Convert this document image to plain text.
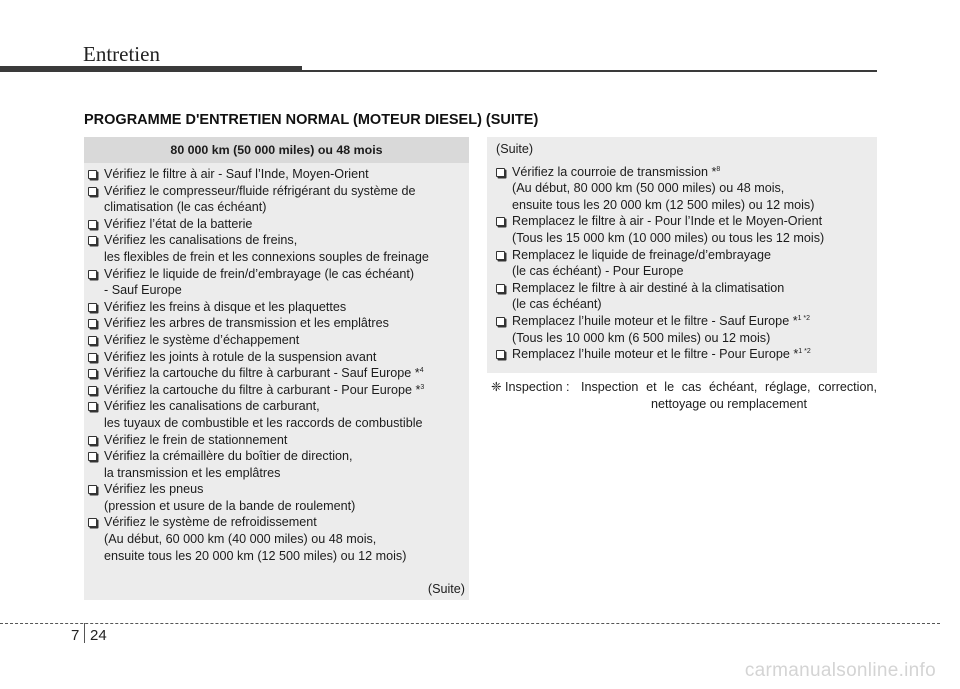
Entretien
PROGRAMME D'ENTRETIEN NORMAL (MOTEUR DIESEL) (SUITE)
80 000 km (50 000 miles) ou 48 mois
Vérifiez le filtre à air - Sauf l’Inde, Moyen-Orient
Vérifiez le compresseur/fluide réfrigérant du système de
climatisation (le cas échéant)
Vérifiez l’état de la batterie
Vérifiez les canalisations de freins,
les flexibles de frein et les connexions souples de freinage
Vérifiez le liquide de frein/d’embrayage (le cas échéant)
- Sauf Europe
Vérifiez les freins à disque et les plaquettes
Vérifiez les arbres de transmission et les emplâtres
Vérifiez le système d’échappement
Vérifiez les joints à rotule de la suspension avant
Vérifiez la cartouche du filtre à carburant - Sauf Europe *$^4$
Vérifiez la cartouche du filtre à carburant - Pour Europe *$^3$
Vérifiez les canalisations de carburant,
les tuyaux de combustible et les raccords de combustible
Vérifiez le frein de stationnement
Vérifiez la crémaillère du boîtier de direction,
la transmission et les emplâtres
Vérifiez les pneus
(pression et usure de la bande de roulement)
Vérifiez le système de refroidissement
(Au début, 60 000 km (40 000 miles) ou 48 mois,
ensuite tous les 20 000 km (12 500 miles) ou 12 mois)
(Suite)
(Suite)
Vérifiez la courroie de transmission *$^8$
(Au début, 80 000 km (50 000 miles) ou 48 mois,
ensuite tous les 20 000 km (12 500 miles) ou 12 mois)
Remplacez le filtre à air - Pour l’Inde et le Moyen-Orient
(Tous les 15 000 km (10 000 miles) ou tous les 12 mois)
Remplacez le liquide de freinage/d’embrayage
(le cas échéant) - Pour Europe
Remplacez le filtre à air destiné à la climatisation
(le cas échéant)
Remplacez l’huile moteur et le filtre - Sauf Europe *$^{1 *2}$
(Tous les 10 000 km (6 500 miles) ou 12 mois)
Remplacez l’huile moteur et le filtre - Pour Europe *$^{1 *2}$
❈ Inspection : Inspection et le cas échéant, réglage, correction, nettoyage ou remplacement
7 24
carmanualsonline.info
